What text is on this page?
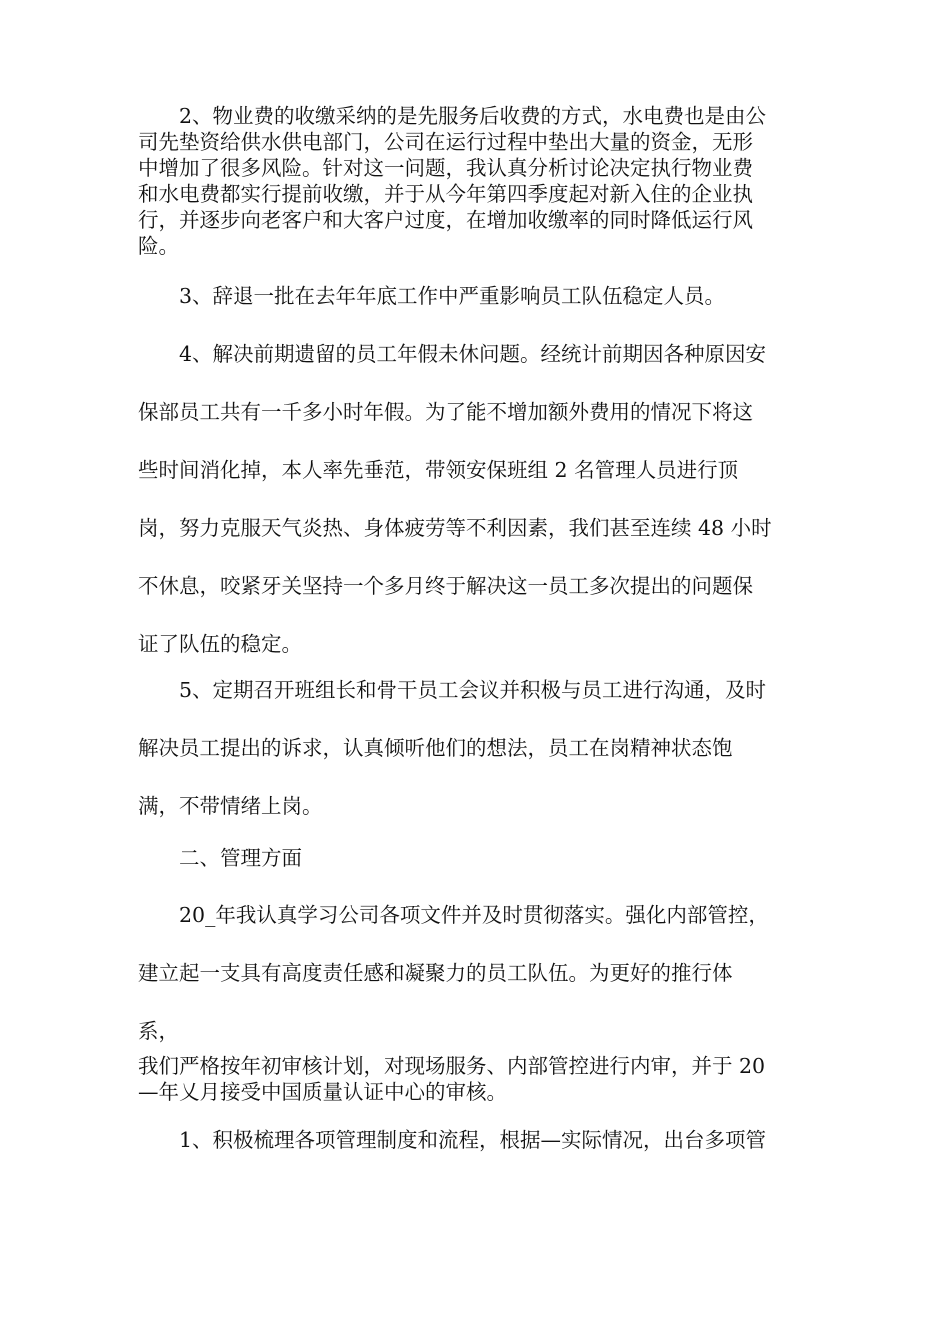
　　2、物业费的收缴采纳的是先服务后收费的方式，水电费也是由公

司先垫资给供水供电部门，公司在运行过程中垫出大量的资金，无形

中增加了很多风险。针对这一问题，我认真分析讨论决定执行物业费

和水电费都实行提前收缴，并于从今年第四季度起对新入住的企业执

行，并逐步向老客户和大客户过度，在增加收缴率的同时降低运行风

险。

　　3、辞退一批在去年年底工作中严重影响员工队伍稳定人员。

　　4、解决前期遗留的员工年假未休问题。经统计前期因各种原因安

保部员工共有一千多小时年假。为了能不增加额外费用的情况下将这

些时间消化掉，本人率先垂范，带领安保班组 2 名管理人员进行顶

岗，努力克服天气炎热、身体疲劳等不利因素，我们甚至连续 48 小时

不休息，咬紧牙关坚持一个多月终于解决这一员工多次提出的问题保

证了队伍的稳定。

　　5、定期召开班组长和骨干员工会议并积极与员工进行沟通，及时

解决员工提出的诉求，认真倾听他们的想法，员工在岗精神状态饱

满，不带情绪上岗。

　　二、管理方面

　　20_年我认真学习公司各项文件并及时贯彻落实。强化内部管控，

建立起一支具有高度责任感和凝聚力的员工队伍。为更好的推行体

系，

我们严格按年初审核计划，对现场服务、内部管控进行内审，并于 20

—年乂月接受中国质量认证中心的审核。

　　1、积极梳理各项管理制度和流程，根据—实际情况，出台多项管
